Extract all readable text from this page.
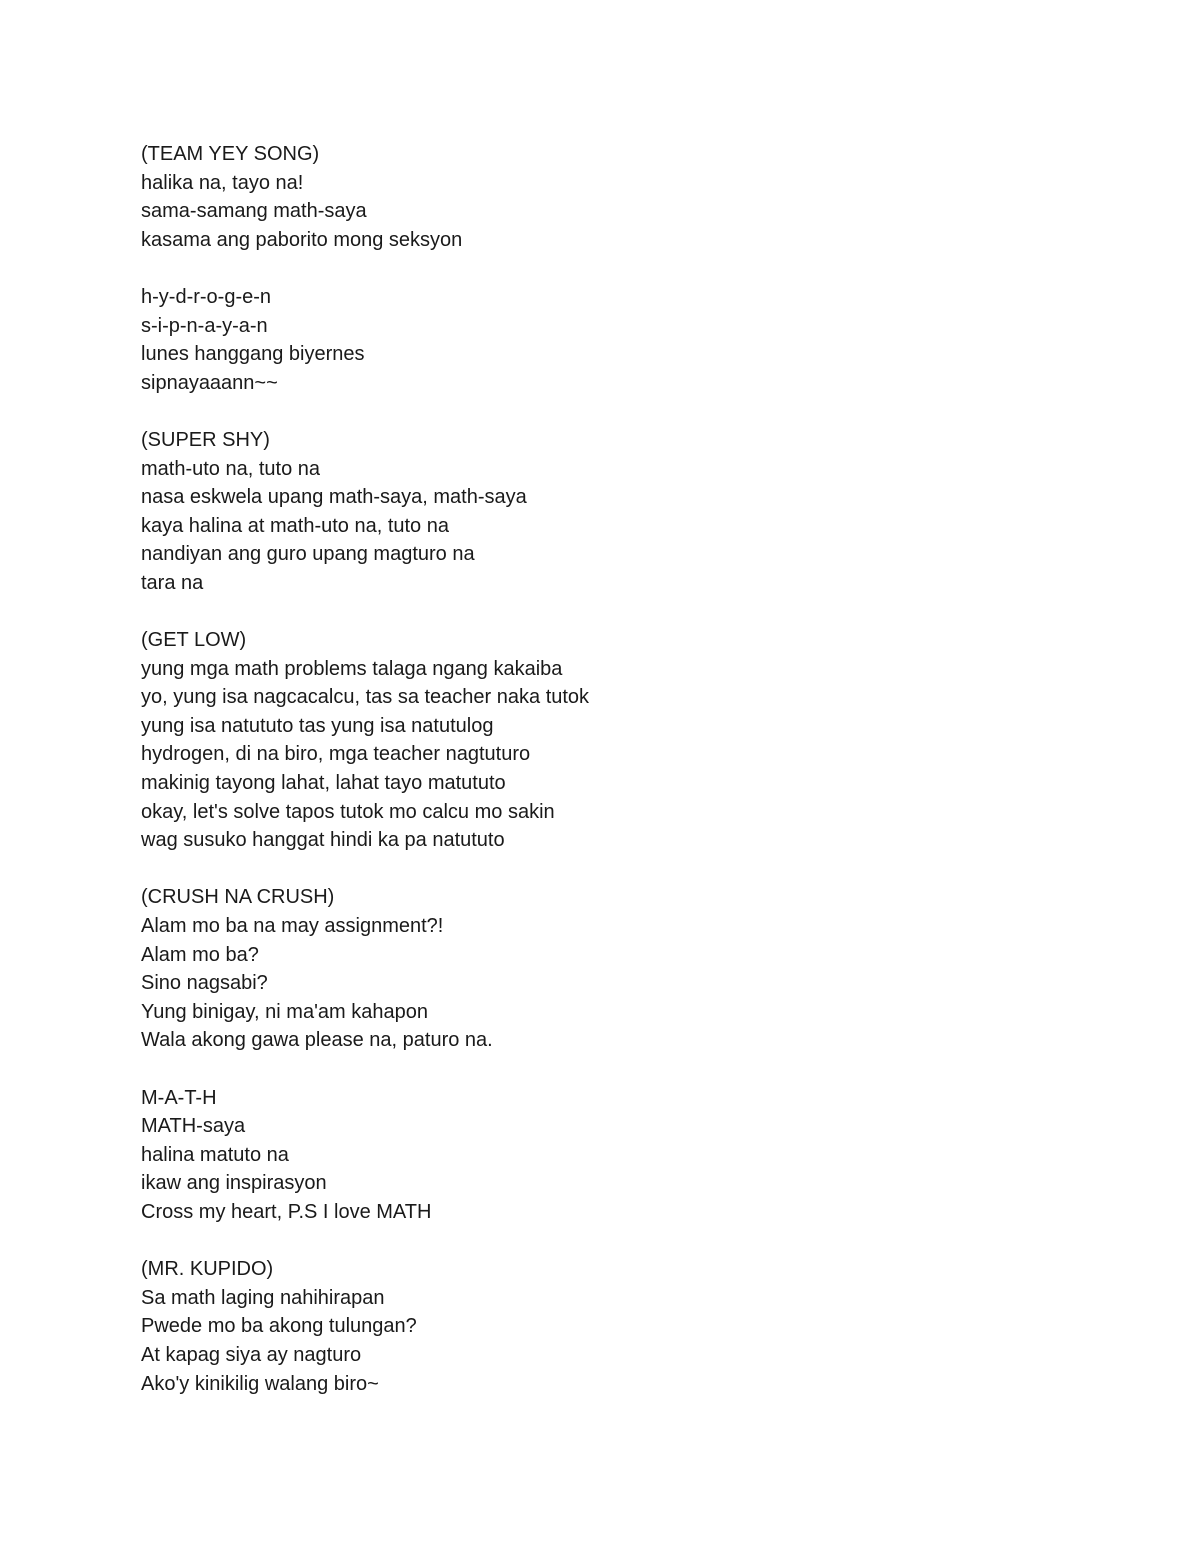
(TEAM YEY SONG)
halika na, tayo na!
sama-samang math-saya
kasama ang paborito mong seksyon
h-y-d-r-o-g-e-n
s-i-p-n-a-y-a-n
lunes hanggang biyernes
sipnayaaann~~
(SUPER SHY)
math-uto na, tuto na
nasa eskwela upang math-saya, math-saya
kaya halina at math-uto na, tuto na
nandiyan ang guro upang magturo na
tara na
(GET LOW)
yung mga math problems talaga ngang kakaiba
yo, yung isa nagcacalcu, tas sa teacher naka tutok
yung isa natututo tas yung isa natutulog
hydrogen, di na biro, mga teacher nagtuturo
makinig tayong lahat, lahat tayo matututo
okay, let's solve tapos tutok mo calcu mo sakin
wag susuko hanggat hindi ka pa natututo
(CRUSH NA CRUSH)
Alam mo ba na may assignment?!
Alam mo ba?
Sino nagsabi?
Yung binigay, ni ma'am kahapon
Wala akong gawa please na, paturo na.
M-A-T-H
MATH-saya
halina matuto na
ikaw ang inspirasyon
Cross my heart, P.S I love MATH
(MR. KUPIDO)
Sa math laging nahihirapan
Pwede mo ba akong tulungan?
At kapag siya ay nagturo
Ako'y kinikilig walang biro~
